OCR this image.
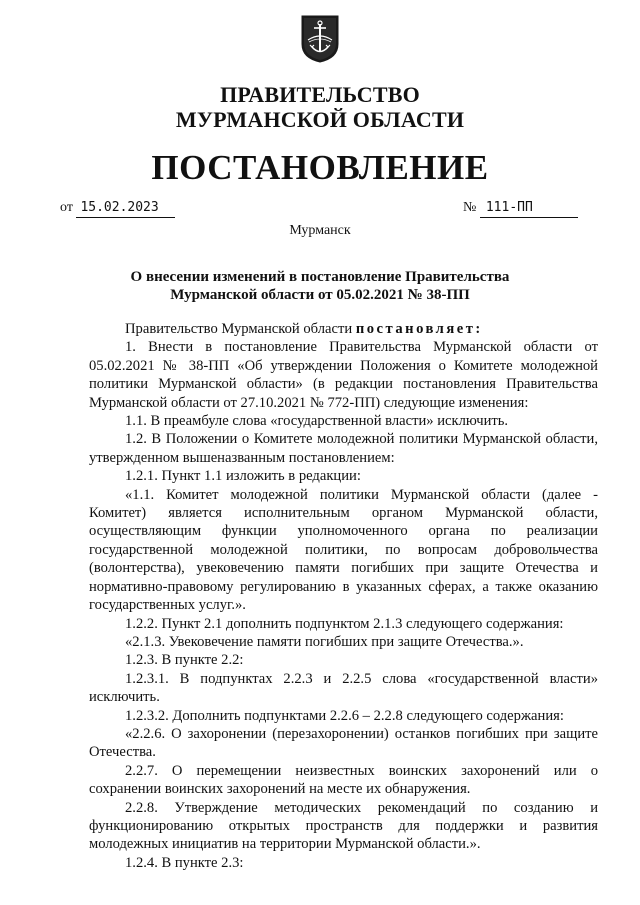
ПРАВИТЕЛЬСТВО
МУРМАНСКОЙ ОБЛАСТИ
ПОСТАНОВЛЕНИЕ
от 15.02.2023	№ 111-ПП
Мурманск
О внесении изменений в постановление Правительства
Мурманской области от 05.02.2021 № 38-ПП

Правительство Мурманской области постановляет:

1. Внести в постановление Правительства Мурманской области от 05.02.2021 № 38-ПП «Об утверждении Положения о Комитете молодежной политики Мурманской области» (в редакции постановления Правительства Мурманской области от 27.10.2021 № 772-ПП) следующие изменения:

1.1. В преамбуле слова «государственной власти» исключить.

1.2. В Положении о Комитете молодежной политики Мурманской области, утвержденном вышеназванным постановлением:

1.2.1. Пункт 1.1 изложить в редакции:

«1.1. Комитет молодежной политики Мурманской области (далее - Комитет) является исполнительным органом Мурманской области, осуществляющим функции уполномоченного органа по реализации государственной молодежной политики, по вопросам добровольчества (волонтерства), увековечению памяти погибших при защите Отечества и нормативно-правовому регулированию в указанных сферах, а также оказанию государственных услуг.».

1.2.2. Пункт 2.1 дополнить подпунктом 2.1.3 следующего содержания:

«2.1.3. Увековечение памяти погибших при защите Отечества.».

1.2.3. В пункте 2.2:

1.2.3.1. В подпунктах 2.2.3 и 2.2.5 слова «государственной власти» исключить.

1.2.3.2. Дополнить подпунктами 2.2.6 – 2.2.8 следующего содержания:

«2.2.6. О захоронении (перезахоронении) останков погибших при защите Отечества.

2.2.7. О перемещении неизвестных воинских захоронений или о сохранении воинских захоронений на месте их обнаружения.

2.2.8. Утверждение методических рекомендаций по созданию и функционированию открытых пространств для поддержки и развития молодежных инициатив на территории Мурманской области.».

1.2.4. В пункте 2.3:
